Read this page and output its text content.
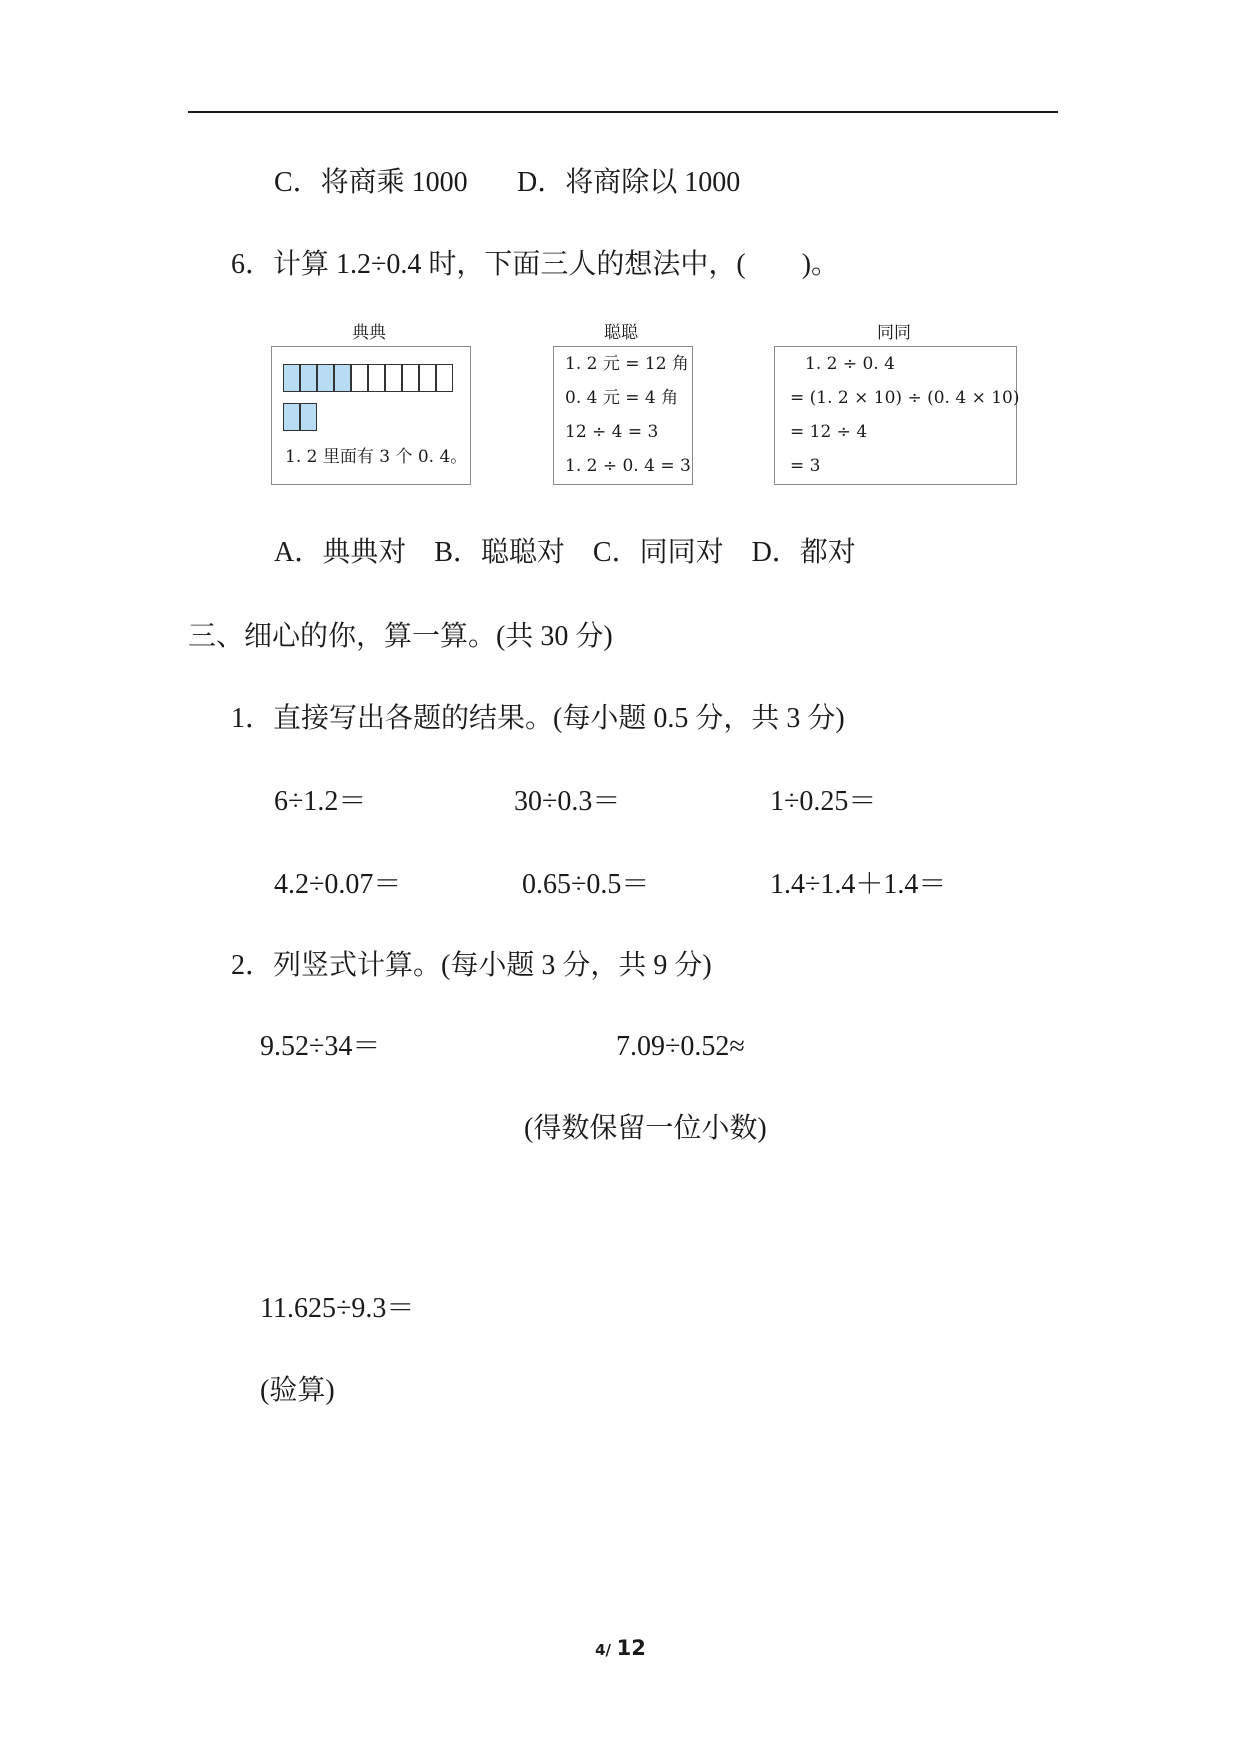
C．将商乘 1000 D．将商除以 1000
6．计算 1.2÷0.4 时，下面三人的想法中，(　　)。
典典
1. 2 里面有 3 个 0. 4。
聪聪
1. 2 元 = 12 角
0. 4 元 = 4 角
12 ÷ 4 = 3
1. 2 ÷ 0. 4 = 3
同同
1. 2 ÷ 0. 4
= (1. 2 × 10) ÷ (0. 4 × 10)
= 12 ÷ 4
= 3
A．典典对　B．聪聪对　C．同同对　D．都对
三、细心的你，算一算。(共 30 分)
1．直接写出各题的结果。(每小题 0.5 分，共 3 分)
6÷1.2＝	30÷0.3＝	1÷0.25＝
4.2÷0.07＝	0.65÷0.5＝	1.4÷1.4＋1.4＝
2．列竖式计算。(每小题 3 分，共 9 分)
9.52÷34＝	7.09÷0.52≈
(得数保留一位小数)
11.625÷9.3＝
(验算)
4/ 12
